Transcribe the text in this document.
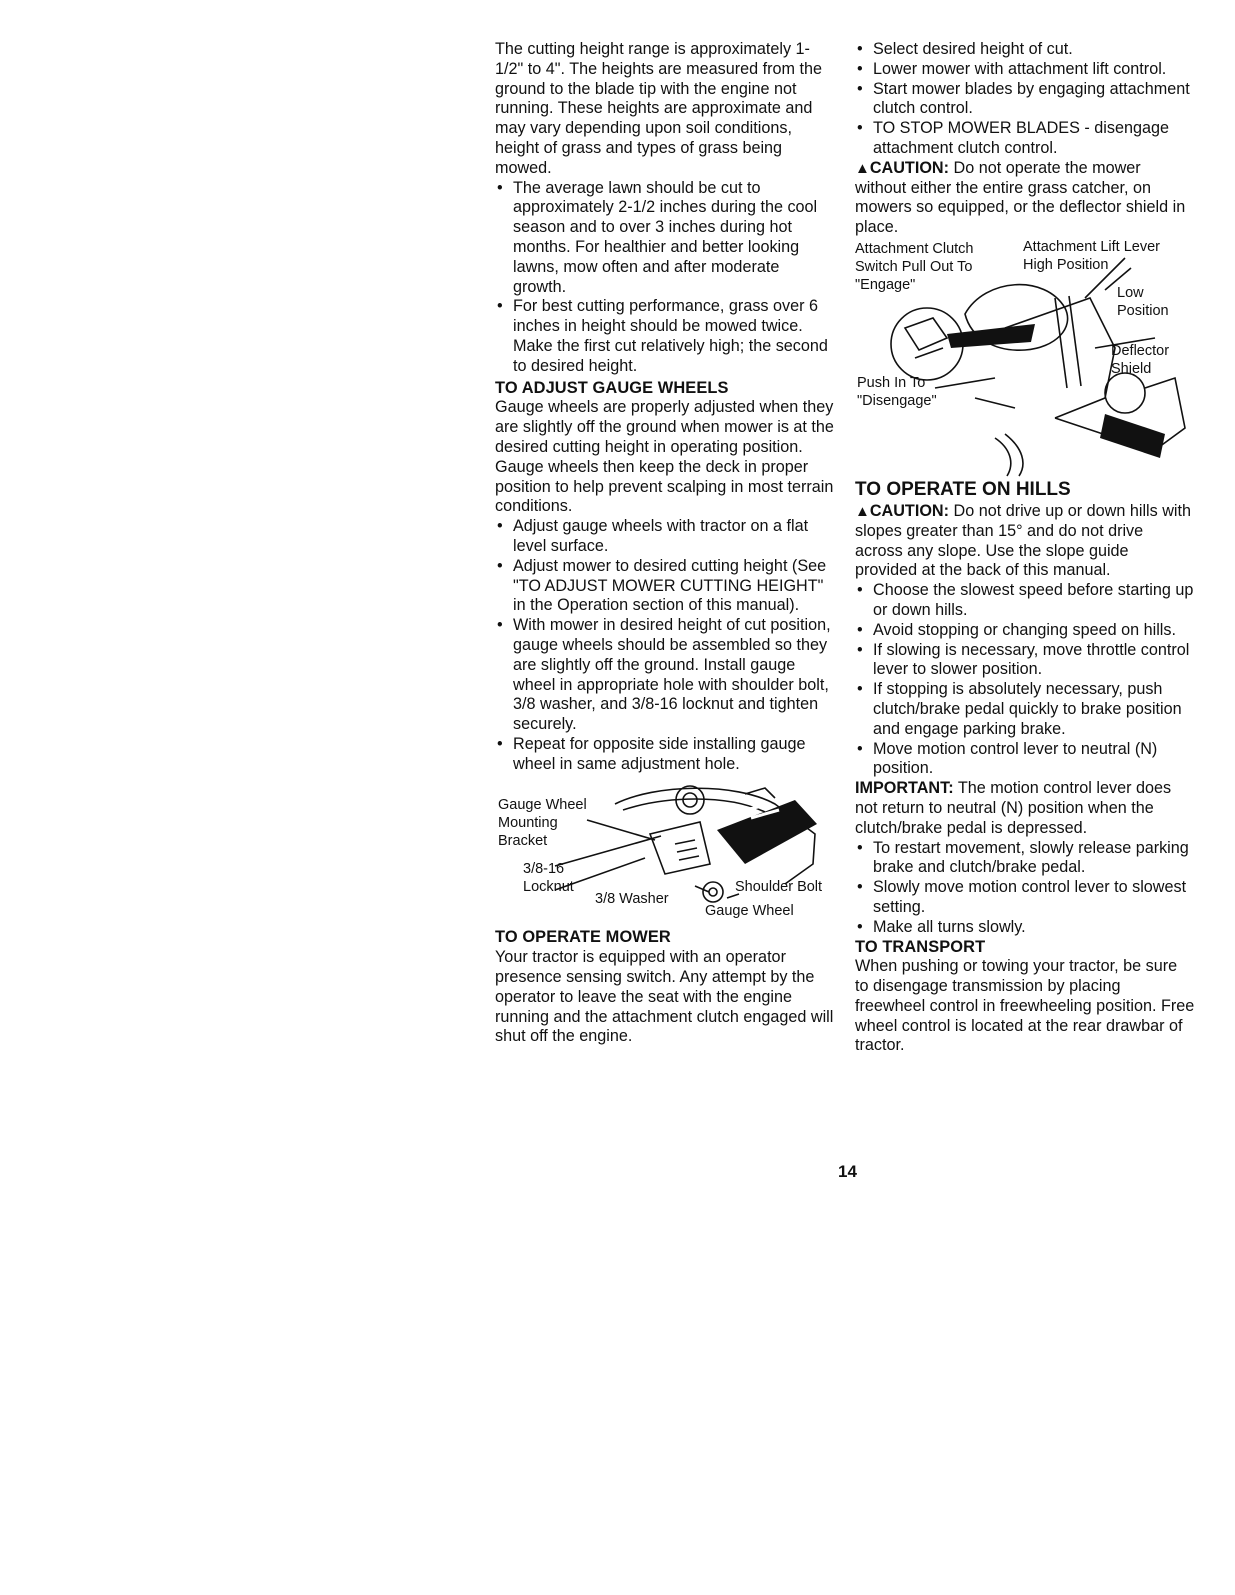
The cutting height range is approximately 1-1/2" to 4". The heights are measured from the ground to the blade tip with the engine not running. These heights are approximate and may vary depending upon soil conditions, height of grass and types of grass being mowed.

• The average lawn should be cut to approximately 2-1/2 inches during the cool season and to over 3 inches during hot months. For healthier and better looking lawns, mow often and after moderate growth.
• For best cutting performance, grass over 6 inches in height should be mowed twice. Make the first cut relatively high; the second to desired height.
TO ADJUST GAUGE WHEELS

Gauge wheels are properly adjusted when they are slightly off the ground when mower is at the desired cutting height in operating position. Gauge wheels then keep the deck in proper position to help prevent scalping in most terrain conditions.

• Adjust gauge wheels with tractor on a flat level surface.
• Adjust mower to desired cutting height (See "TO ADJUST MOWER CUTTING HEIGHT" in the Operation section of this manual).
• With mower in desired height of cut position, gauge wheels should be assembled so they are slightly off the ground. Install gauge wheel in appropriate hole with shoulder bolt, 3/8 washer, and 3/8-16 locknut and tighten securely.
• Repeat for opposite side installing gauge wheel in same adjustment hole.
Gauge Wheel
Mounting
Bracket
3/8-16
Locknut
3/8 Washer
Shoulder Bolt
Gauge Wheel
TO OPERATE MOWER

Your tractor is equipped with an operator presence sensing switch. Any attempt by the operator to leave the seat with the engine running and the attachment clutch engaged will shut off the engine.

• Select desired height of cut.
• Lower mower with attachment lift control.
• Start mower blades by engaging attachment clutch control.
• TO STOP MOWER BLADES - disengage attachment clutch control.

▲CAUTION: Do not operate the mower without either the entire grass catcher, on mowers so equipped, or the deflector shield in place.

Attachment Clutch
Switch Pull Out To
"Engage"
Attachment Lift Lever
High Position
Low
Position
Deflector
Shield
Push In To
"Disengage"
TO OPERATE ON HILLS

▲CAUTION: Do not drive up or down hills with slopes greater than 15° and do not drive across any slope. Use the slope guide provided at the back of this manual.

• Choose the slowest speed before starting up or down hills.
• Avoid stopping or changing speed on hills.
• If slowing is necessary, move throttle control lever to slower position.
• If stopping is absolutely necessary, push clutch/brake pedal quickly to brake position and engage parking brake.
• Move motion control lever to neutral (N) position.

IMPORTANT: The motion control lever does not return to neutral (N) position when the clutch/brake pedal is depressed.

• To restart movement, slowly release parking brake and clutch/brake pedal.
• Slowly move motion control lever to slowest setting.
• Make all turns slowly.
TO TRANSPORT

When pushing or towing your tractor, be sure to disengage transmission by placing freewheel control in freewheeling position. Free wheel control is located at the rear drawbar of tractor.

14
